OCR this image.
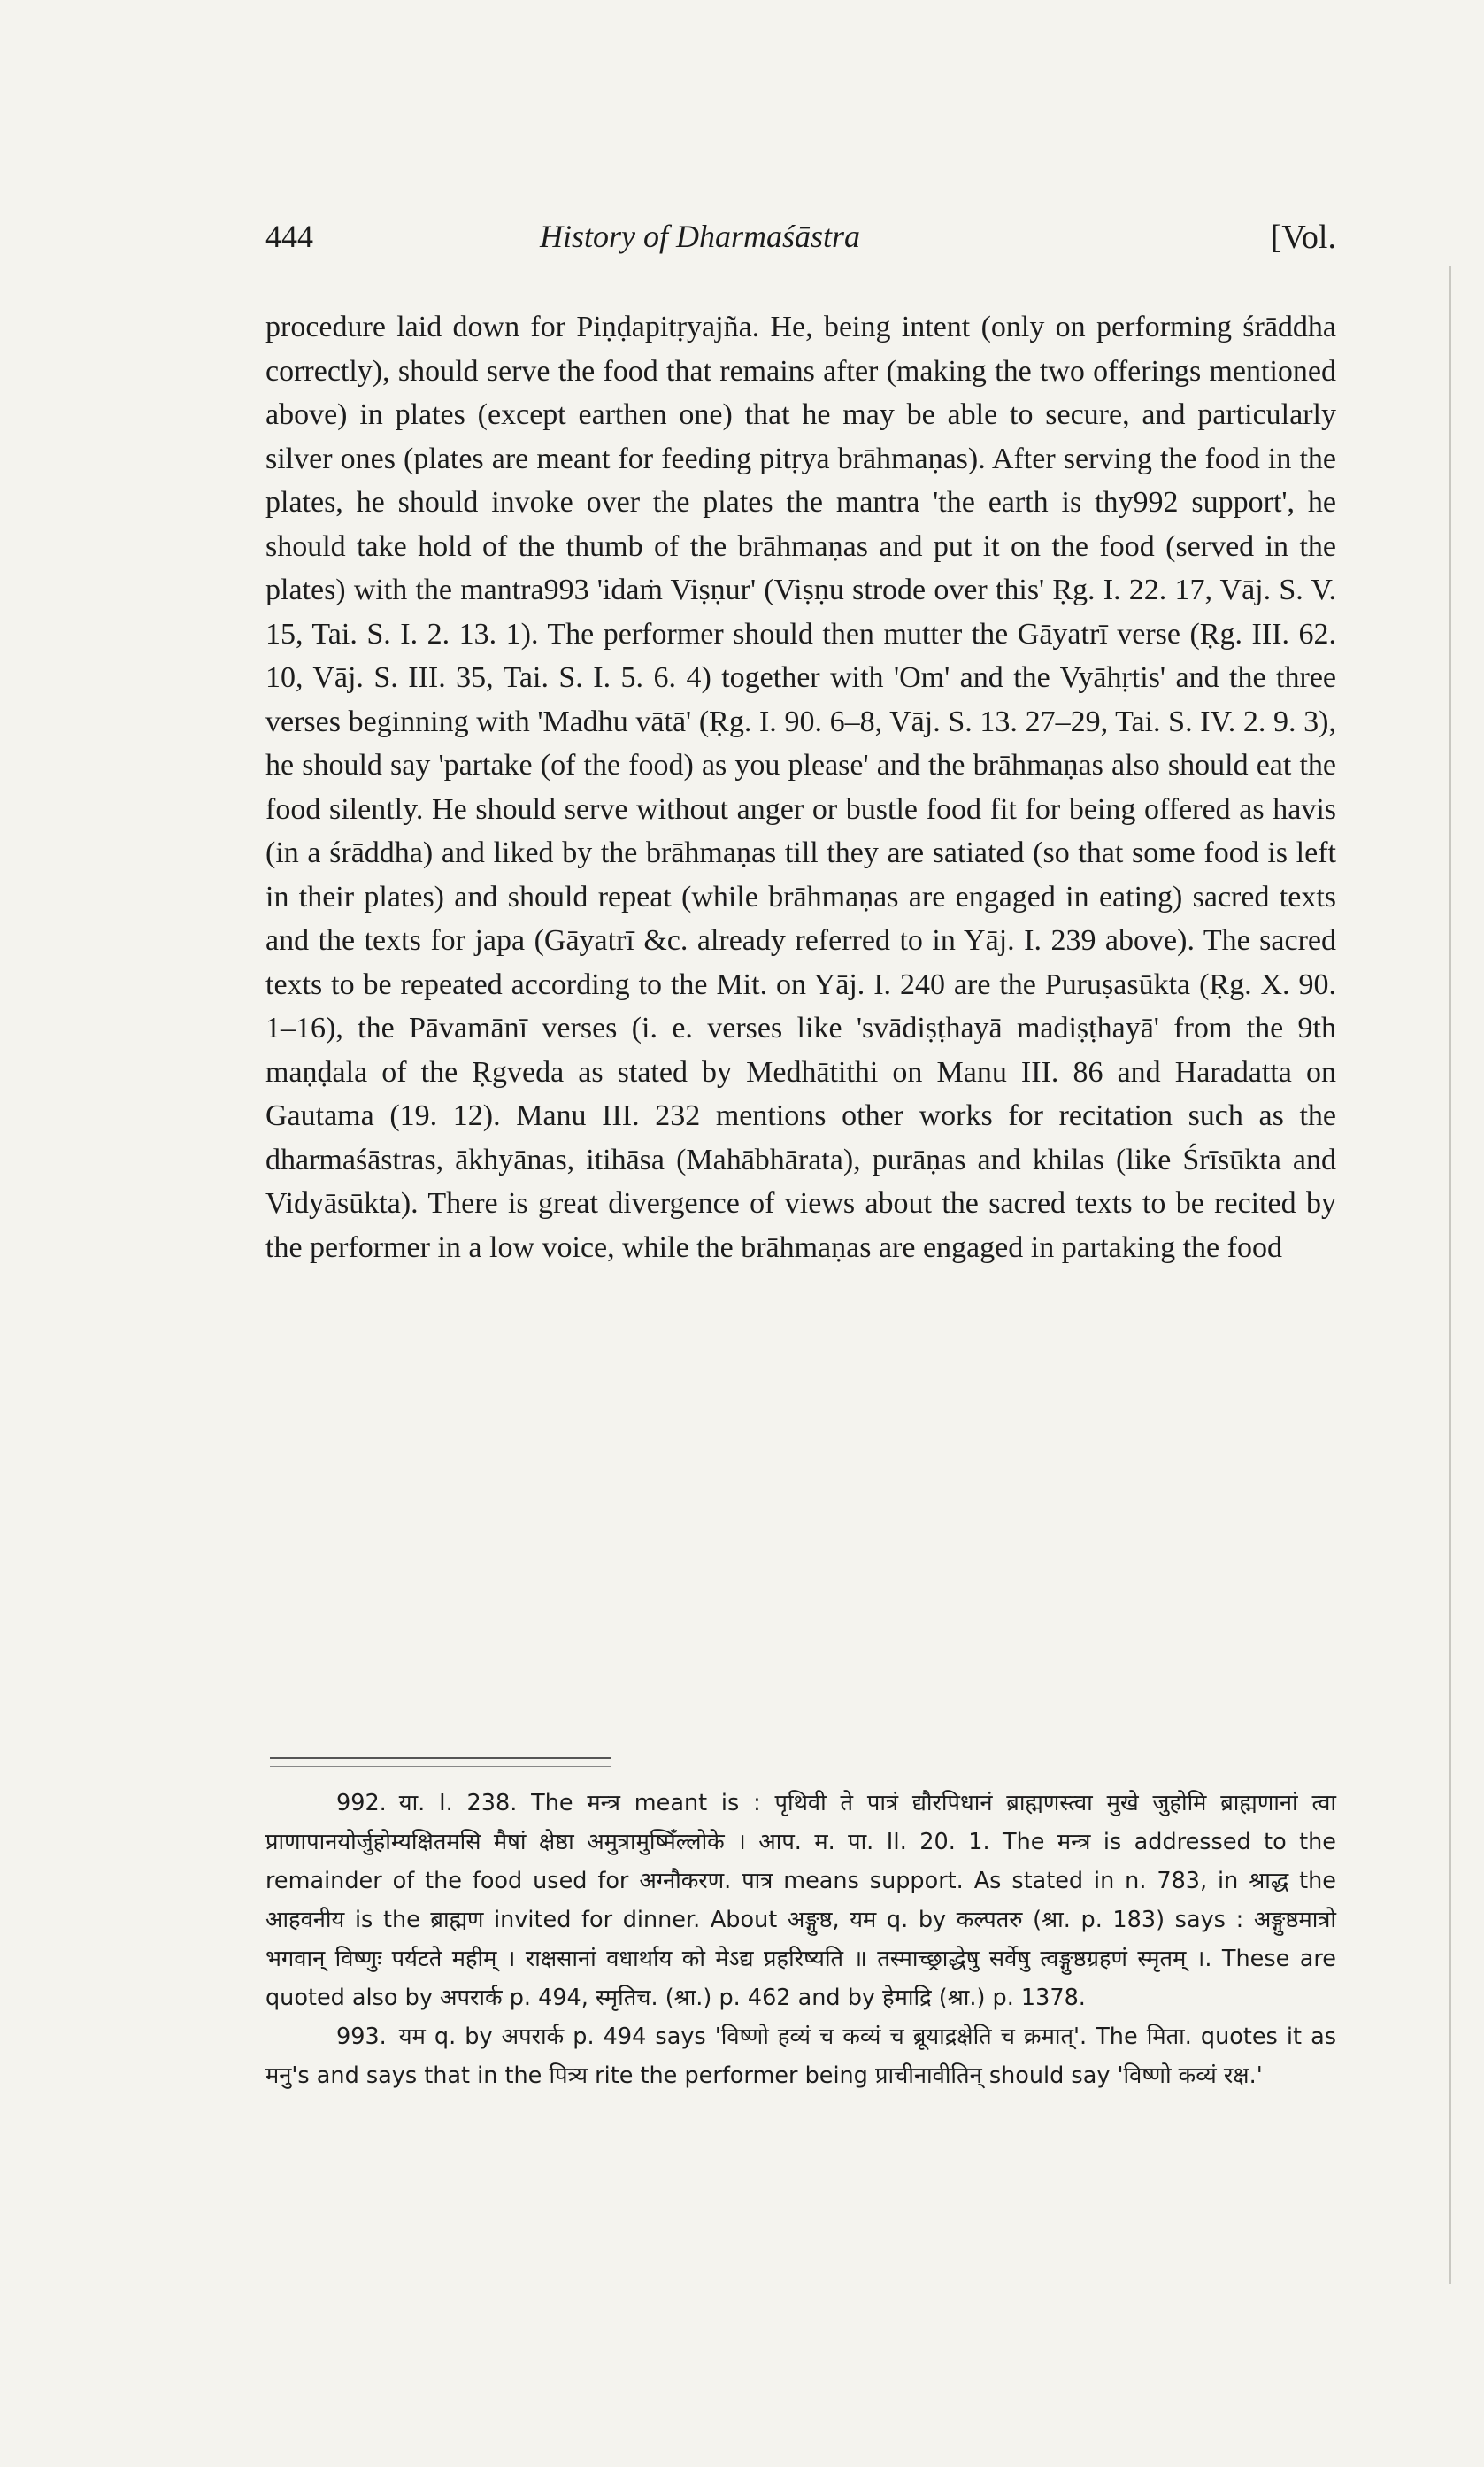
444	History of Dharmaśāstra	[Vol.

procedure laid down for Piṇḍapitṛyajña. He, being intent (only on performing śrāddha correctly), should serve the food that remains after (making the two offerings mentioned above) in plates (except earthen one) that he may be able to secure, and particularly silver ones (plates are meant for feeding pitṛya brāhmaṇas). After serving the food in the plates, he should invoke over the plates the mantra 'the earth is thy992 support', he should take hold of the thumb of the brāhmaṇas and put it on the food (served in the plates) with the mantra993 'idaṁ Viṣṇur' (Viṣṇu strode over this' Ṛg. I. 22. 17, Vāj. S. V. 15, Tai. S. I. 2. 13. 1). The performer should then mutter the Gāyatrī verse (Ṛg. III. 62. 10, Vāj. S. III. 35, Tai. S. I. 5. 6. 4) together with 'Om' and the Vyāhṛtis' and the three verses beginning with 'Madhu vātā' (Ṛg. I. 90. 6–8, Vāj. S. 13. 27–29, Tai. S. IV. 2. 9. 3), he should say 'partake (of the food) as you please' and the brāhmaṇas also should eat the food silently. He should serve without anger or bustle food fit for being offered as havis (in a śrāddha) and liked by the brāhmaṇas till they are satiated (so that some food is left in their plates) and should repeat (while brāhmaṇas are engaged in eating) sacred texts and the texts for japa (Gāyatrī &c. already referred to in Yāj. I. 239 above). The sacred texts to be repeated according to the Mit. on Yāj. I. 240 are the Puruṣasūkta (Ṛg. X. 90. 1–16), the Pāvamānī verses (i. e. verses like 'svādiṣṭhayā madiṣṭhayā' from the 9th maṇḍala of the Ṛgveda as stated by Medhātithi on Manu III. 86 and Haradatta on Gautama (19. 12). Manu III. 232 mentions other works for recitation such as the dharmaśāstras, ākhyānas, itihāsa (Mahābhārata), purāṇas and khilas (like Śrīsūkta and Vidyāsūkta). There is great divergence of views about the sacred texts to be recited by the performer in a low voice, while the brāhmaṇas are engaged in partaking the food

992. या. I. 238. The मन्त्र meant is : पृथिवी ते पात्रं द्यौरपिधानं ब्राह्मणस्त्वा मुखे जुहोमि ब्राह्मणानां त्वा प्राणापानयोर्जुहोम्यक्षितमसि मैषां क्षेष्ठा अमुत्रामुष्मिँल्लोके । आप. म. पा. II. 20. 1. The मन्त्र is addressed to the remainder of the food used for अग्नौकरण. पात्र means support. As stated in n. 783, in श्राद्ध the आहवनीय is the ब्राह्मण invited for dinner. About अङ्गुष्ठ, यम q. by कल्पतरु (श्रा. p. 183) says : अङ्गुष्ठमात्रो भगवान् विष्णुः पर्यटते महीम् । राक्षसानां वधार्थाय को मेऽद्य प्रहरिष्यति ॥ तस्माच्छ्राद्धेषु सर्वेषु त्वङ्गुष्ठग्रहणं स्मृतम् ।. These are quoted also by अपरार्क p. 494, स्मृतिच. (श्रा.) p. 462 and by हेमाद्रि (श्रा.) p. 1378.

993. यम q. by अपरार्क p. 494 says 'विष्णो हव्यं च कव्यं च ब्रूयाद्रक्षेति च क्रमात्'. The मिता. quotes it as मनु's and says that in the पित्र्य rite the performer being प्राचीनावीतिन् should say 'विष्णो कव्यं रक्ष.'
